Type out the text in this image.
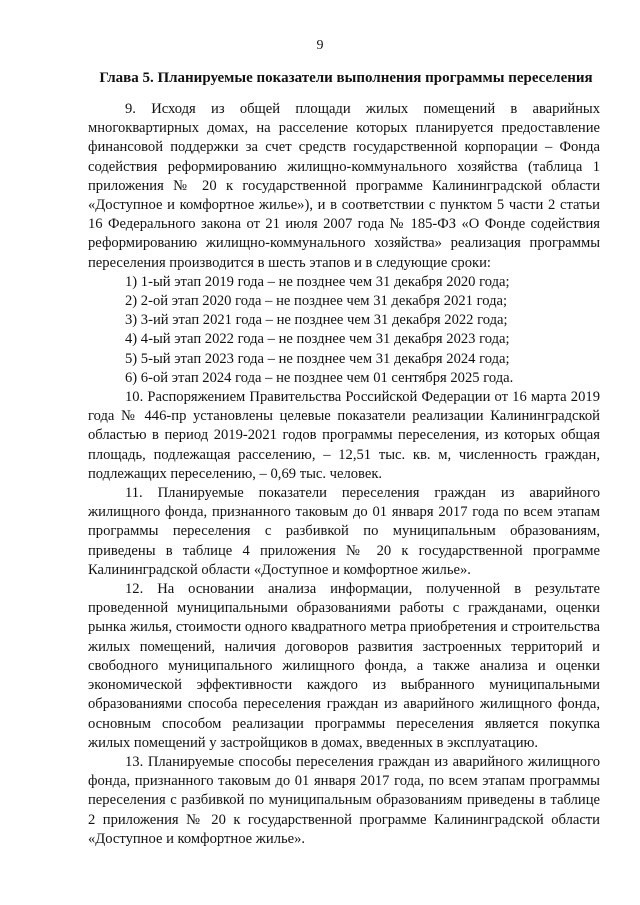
9
Глава 5. Планируемые показатели выполнения программы переселения

9. Исходя из общей площади жилых помещений в аварийных многоквартирных домах, на расселение которых планируется предоставление финансовой поддержки за счет средств государственной корпорации – Фонда содействия реформированию жилищно-коммунального хозяйства (таблица 1 приложения № 20 к государственной программе Калининградской области «Доступное и комфортное жилье»), и в соответствии с пунктом 5 части 2 статьи 16 Федерального закона от 21 июля 2007 года № 185-ФЗ «О Фонде содействия реформированию жилищно-коммунального хозяйства» реализация программы переселения производится в шесть этапов и в следующие сроки:

1) 1-ый этап 2019 года – не позднее чем 31 декабря 2020 года;

2) 2-ой этап 2020 года – не позднее чем 31 декабря 2021 года;

3) 3-ий этап 2021 года – не позднее чем 31 декабря 2022 года;

4) 4-ый этап 2022 года – не позднее чем 31 декабря 2023 года;

5) 5-ый этап 2023 года – не позднее чем 31 декабря 2024 года;

6) 6-ой этап 2024 года – не позднее чем 01 сентября 2025 года.

10. Распоряжением Правительства Российской Федерации от 16 марта 2019 года № 446-пр установлены целевые показатели реализации Калининградской областью в период 2019-2021 годов программы переселения, из которых общая площадь, подлежащая расселению, – 12,51 тыс. кв. м, численность граждан, подлежащих переселению, – 0,69 тыс. человек.

11. Планируемые показатели переселения граждан из аварийного жилищного фонда, признанного таковым до 01 января 2017 года по всем этапам программы переселения с разбивкой по муниципальным образованиям, приведены в таблице 4 приложения № 20 к государственной программе Калининградской области «Доступное и комфортное жилье».

12. На основании анализа информации, полученной в результате проведенной муниципальными образованиями работы с гражданами, оценки рынка жилья, стоимости одного квадратного метра приобретения и строительства жилых помещений, наличия договоров развития застроенных территорий и свободного муниципального жилищного фонда, а также анализа и оценки экономической эффективности каждого из выбранного муниципальными образованиями способа переселения граждан из аварийного жилищного фонда, основным способом реализации программы переселения является покупка жилых помещений у застройщиков в домах, введенных в эксплуатацию.

13. Планируемые способы переселения граждан из аварийного жилищного фонда, признанного таковым до 01 января 2017 года, по всем этапам программы переселения с разбивкой по муниципальным образованиям приведены в таблице 2 приложения № 20 к государственной программе Калининградской области «Доступное и комфортное жилье».
